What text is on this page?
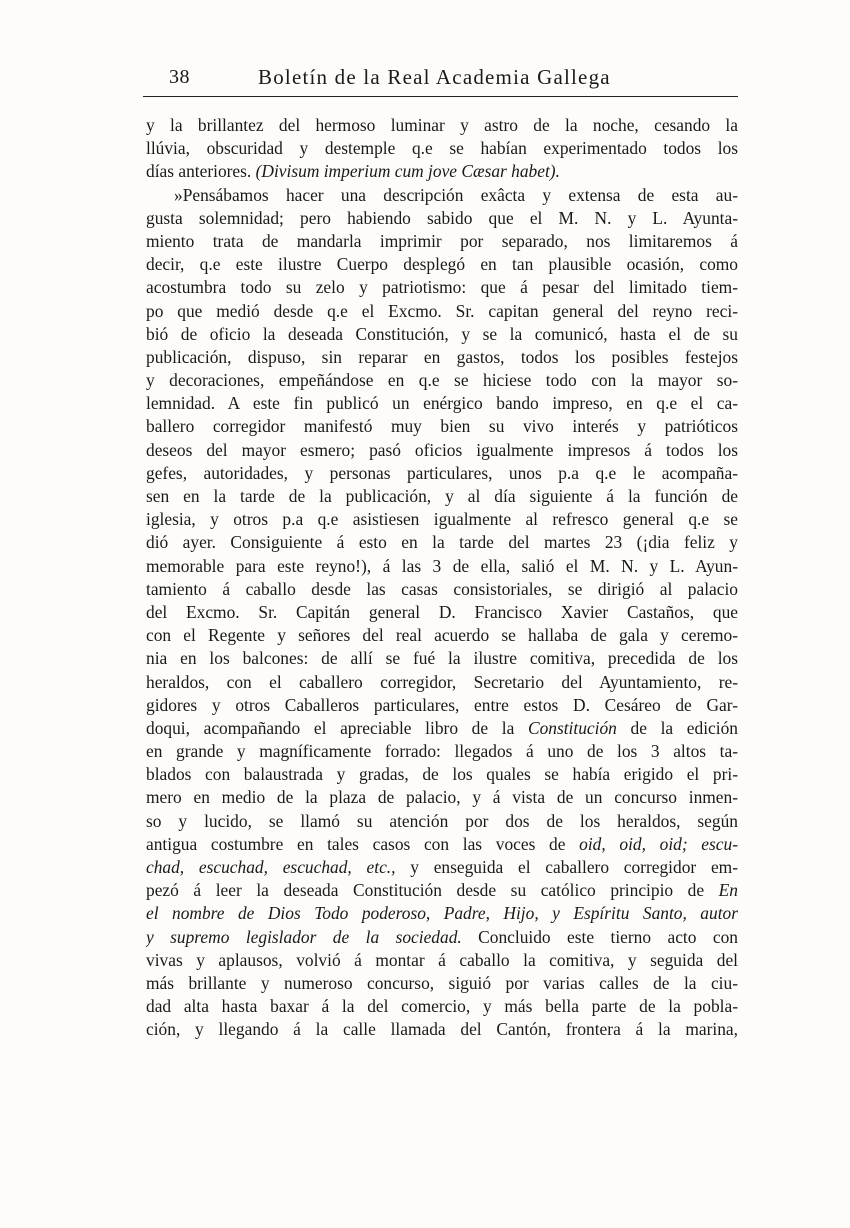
38	Boletín de la Real Academia Gallega
y la brillantez del hermoso luminar y astro de la noche, cesando la
llúvia, obscuridad y destemple q.e se habían experimentado todos los
días anteriores. (Divisum imperium cum jove Cæsar habet).
»Pensábamos hacer una descripción exâcta y extensa de esta au-
gusta solemnidad; pero habiendo sabido que el M. N. y L. Ayunta-
miento trata de mandarla imprimir por separado, nos limitaremos á
decir, q.e este ilustre Cuerpo desplegó en tan plausible ocasión, como
acostumbra todo su zelo y patriotismo: que á pesar del limitado tiem-
po que medió desde q.e el Excmo. Sr. capitan general del reyno reci-
bió de oficio la deseada Constitución, y se la comunicó, hasta el de su
publicación, dispuso, sin reparar en gastos, todos los posibles festejos
y decoraciones, empeñándose en q.e se hiciese todo con la mayor so-
lemnidad. A este fin publicó un enérgico bando impreso, en q.e el ca-
ballero corregidor manifestó muy bien su vivo interés y patrióticos
deseos del mayor esmero; pasó oficios igualmente impresos á todos los
gefes, autoridades, y personas particulares, unos p.a q.e le acompaña-
sen en la tarde de la publicación, y al día siguiente á la función de
iglesia, y otros p.a q.e asistiesen igualmente al refresco general q.e se
dió ayer. Consiguiente á esto en la tarde del martes 23 (¡dia feliz y
memorable para este reyno!), á las 3 de ella, salió el M. N. y L. Ayun-
tamiento á caballo desde las casas consistoriales, se dirigió al palacio
del Excmo. Sr. Capitán general D. Francisco Xavier Castaños, que
con el Regente y señores del real acuerdo se hallaba de gala y ceremo-
nia en los balcones: de allí se fué la ilustre comitiva, precedida de los
heraldos, con el caballero corregidor, Secretario del Ayuntamiento, re-
gidores y otros Caballeros particulares, entre estos D. Cesáreo de Gar-
doqui, acompañando el apreciable libro de la Constitución de la edición
en grande y magníficamente forrado: llegados á uno de los 3 altos ta-
blados con balaustrada y gradas, de los quales se había erigido el pri-
mero en medio de la plaza de palacio, y á vista de un concurso inmen-
so y lucido, se llamó su atención por dos de los heraldos, según
antigua costumbre en tales casos con las voces de oid, oid, oid; escu-
chad, escuchad, escuchad, etc., y enseguida el caballero corregidor em-
pezó á leer la deseada Constitución desde su católico principio de En
el nombre de Dios Todo poderoso, Padre, Hijo, y Espíritu Santo, autor
y supremo legislador de la sociedad. Concluido este tierno acto con
vivas y aplausos, volvió á montar á caballo la comitiva, y seguida del
más brillante y numeroso concurso, siguió por varias calles de la ciu-
dad alta hasta baxar á la del comercio, y más bella parte de la pobla-
ción, y llegando á la calle llamada del Cantón, frontera á la marina,
